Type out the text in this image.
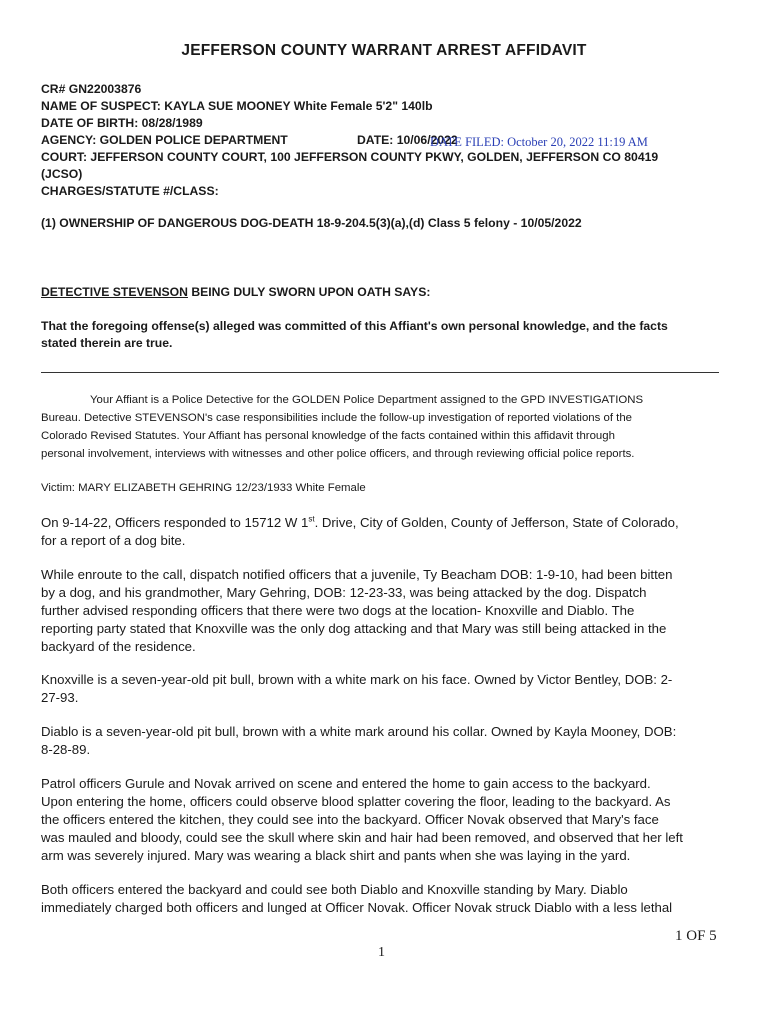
JEFFERSON COUNTY WARRANT ARREST AFFIDAVIT
CR# GN22003876
NAME OF SUSPECT: KAYLA SUE MOONEY White Female 5'2" 140lb
DATE OF BIRTH: 08/28/1989
AGENCY: GOLDEN POLICE DEPARTMENT	DATE: 10/06/2022
DATE FILED: October 20, 2022 11:19 AM
COURT: JEFFERSON COUNTY COURT, 100 JEFFERSON COUNTY PKWY, GOLDEN, JEFFERSON CO 80419
(JCSO)
CHARGES/STATUTE #/CLASS:
(1) OWNERSHIP OF DANGEROUS DOG-DEATH 18-9-204.5(3)(a),(d) Class 5 felony - 10/05/2022
DETECTIVE STEVENSON BEING DULY SWORN UPON OATH SAYS:
That the foregoing offense(s) alleged was committed of this Affiant's own personal knowledge, and the facts
stated therein are true.
Your Affiant is a Police Detective for the GOLDEN Police Department assigned to the GPD INVESTIGATIONS
Bureau. Detective STEVENSON's case responsibilities include the follow-up investigation of reported violations of the
Colorado Revised Statutes. Your Affiant has personal knowledge of the facts contained within this affidavit through
personal involvement, interviews with witnesses and other police officers, and through reviewing official police reports.
Victim: MARY ELIZABETH GEHRING 12/23/1933 White Female
On 9-14-22, Officers responded to 15712 W 1st. Drive, City of Golden, County of Jefferson, State of Colorado,
for a report of a dog bite.
While enroute to the call, dispatch notified officers that a juvenile, Ty Beacham DOB: 1-9-10, had been bitten
by a dog, and his grandmother, Mary Gehring, DOB: 12-23-33, was being attacked by the dog. Dispatch
further advised responding officers that there were two dogs at the location- Knoxville and Diablo. The
reporting party stated that Knoxville was the only dog attacking and that Mary was still being attacked in the
backyard of the residence.
Knoxville is a seven-year-old pit bull, brown with a white mark on his face. Owned by Victor Bentley, DOB: 2-
27-93.
Diablo is a seven-year-old pit bull, brown with a white mark around his collar. Owned by Kayla Mooney, DOB:
8-28-89.
Patrol officers Gurule and Novak arrived on scene and entered the home to gain access to the backyard.
Upon entering the home, officers could observe blood splatter covering the floor, leading to the backyard. As
the officers entered the kitchen, they could see into the backyard. Officer Novak observed that Mary's face
was mauled and bloody, could see the skull where skin and hair had been removed, and observed that her left
arm was severely injured. Mary was wearing a black shirt and pants when she was laying in the yard.
Both officers entered the backyard and could see both Diablo and Knoxville standing by Mary. Diablo
immediately charged both officers and lunged at Officer Novak. Officer Novak struck Diablo with a less lethal
1 OF 5
1
